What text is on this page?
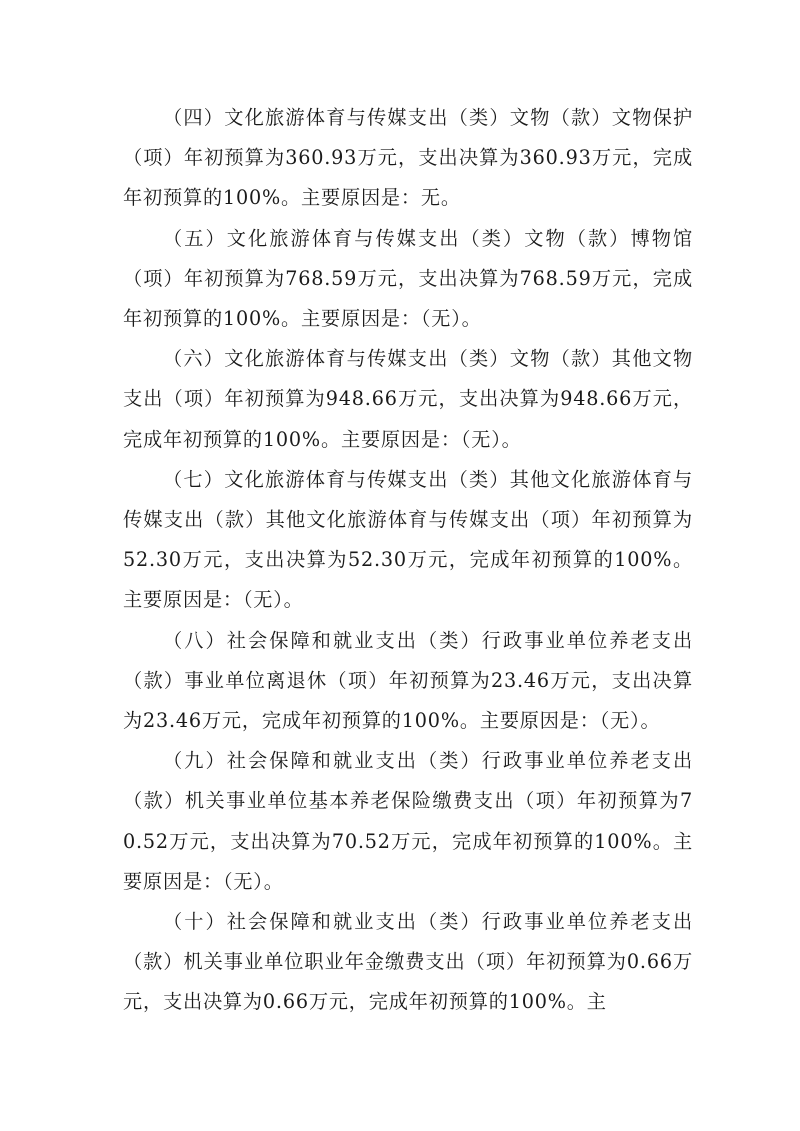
（四）文化旅游体育与传媒支出（类）文物（款）文物保护（项）年初预算为360.93万元，支出决算为360.93万元，完成年初预算的100%。主要原因是：无。

（五）文化旅游体育与传媒支出（类）文物（款）博物馆（项）年初预算为768.59万元，支出决算为768.59万元，完成年初预算的100%。主要原因是：（无）。

（六）文化旅游体育与传媒支出（类）文物（款）其他文物支出（项）年初预算为948.66万元，支出决算为948.66万元，完成年初预算的100%。主要原因是：（无）。

（七）文化旅游体育与传媒支出（类）其他文化旅游体育与传媒支出（款）其他文化旅游体育与传媒支出（项）年初预算为52.30万元，支出决算为52.30万元，完成年初预算的100%。主要原因是：（无）。

（八）社会保障和就业支出（类）行政事业单位养老支出（款）事业单位离退休（项）年初预算为23.46万元，支出决算为23.46万元，完成年初预算的100%。主要原因是：（无）。

（九）社会保障和就业支出（类）行政事业单位养老支出（款）机关事业单位基本养老保险缴费支出（项）年初预算为70.52万元，支出决算为70.52万元，完成年初预算的100%。主要原因是：（无）。

（十）社会保障和就业支出（类）行政事业单位养老支出（款）机关事业单位职业年金缴费支出（项）年初预算为0.66万元，支出决算为0.66万元，完成年初预算的100%。主
